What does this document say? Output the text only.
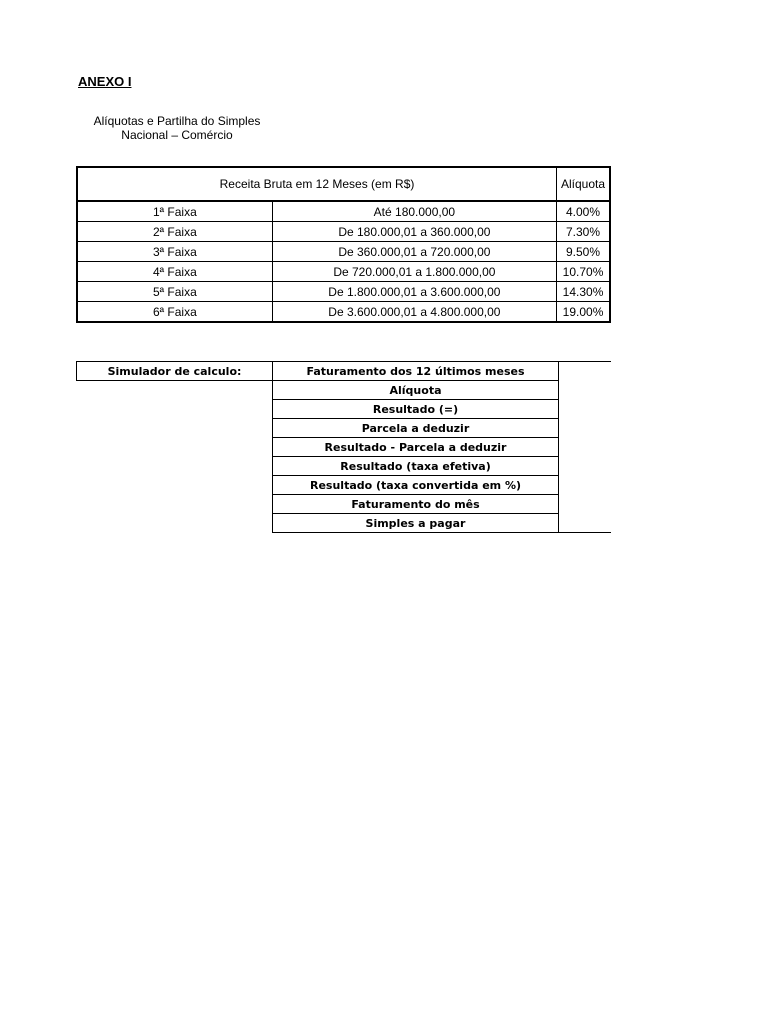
ANEXO I
Alíquotas e Partilha do Simples Nacional – Comércio
Receita Bruta em 12 Meses (em R$)		Alíquota
1ª Faixa	Até 180.000,00	4.00%
2ª Faixa	De 180.000,01 a 360.000,00	7.30%
3ª Faixa	De 360.000,01 a 720.000,00	9.50%
4ª Faixa	De 720.000,01 a 1.800.000,00	10.70%
5ª Faixa	De 1.800.000,01 a 3.600.000,00	14.30%
6ª Faixa	De 3.600.000,01 a 4.800.000,00	19.00%
Simulador de calculo:	Faturamento dos 12 últimos meses	
	Alíquota	
	Resultado (=)	
	Parcela a deduzir	
	Resultado - Parcela a deduzir	
	Resultado (taxa efetiva)	
	Resultado (taxa convertida em %)	
	Faturamento do mês	
	Simples a pagar	
